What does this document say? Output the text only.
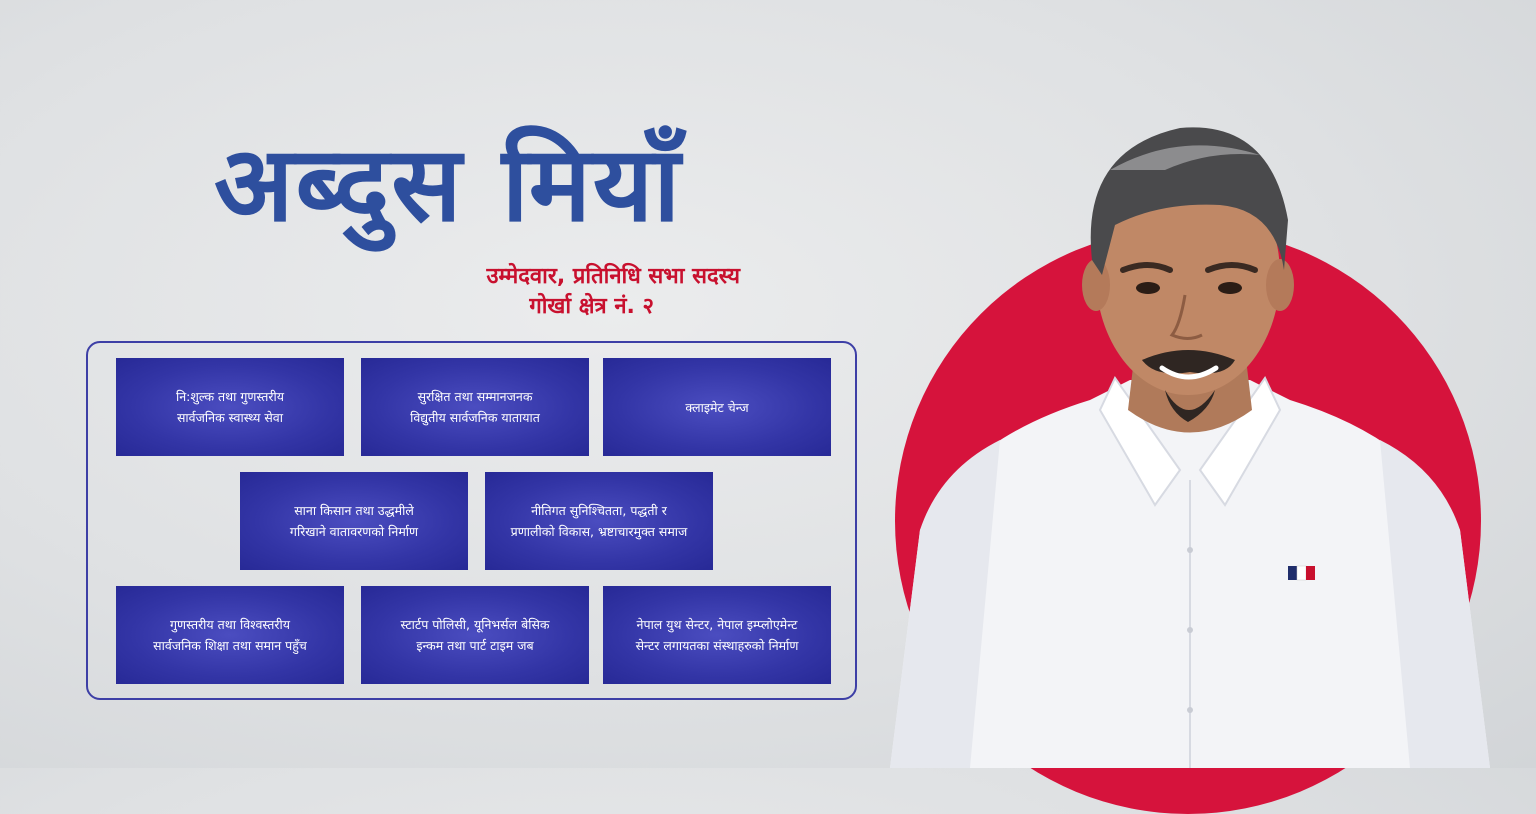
अब्दुस मियाँ
उम्मेदवार, प्रतिनिधि सभा सदस्य
गोर्खा क्षेत्र नं. २
नि:शुल्क तथा गुणस्तरीय
सार्वजनिक स्वास्थ्य सेवा
सुरक्षित तथा सम्मानजनक
विद्युतीय सार्वजनिक यातायात
क्लाइमेट चेन्ज
साना किसान तथा उद्धमीले
गरिखाने वातावरणको निर्माण
नीतिगत सुनिश्चितता, पद्धती र
प्रणालीको विकास, भ्रष्टाचारमुक्त समाज
गुणस्तरीय तथा विश्वस्तरीय
सार्वजनिक शिक्षा तथा समान पहुँच
स्टार्टप पोलिसी, यूनिभर्सल बेसिक
इन्कम तथा पार्ट टाइम जब
नेपाल युथ सेन्टर, नेपाल इम्प्लोएमेन्ट
सेन्टर लगायतका संस्थाहरुको निर्माण
